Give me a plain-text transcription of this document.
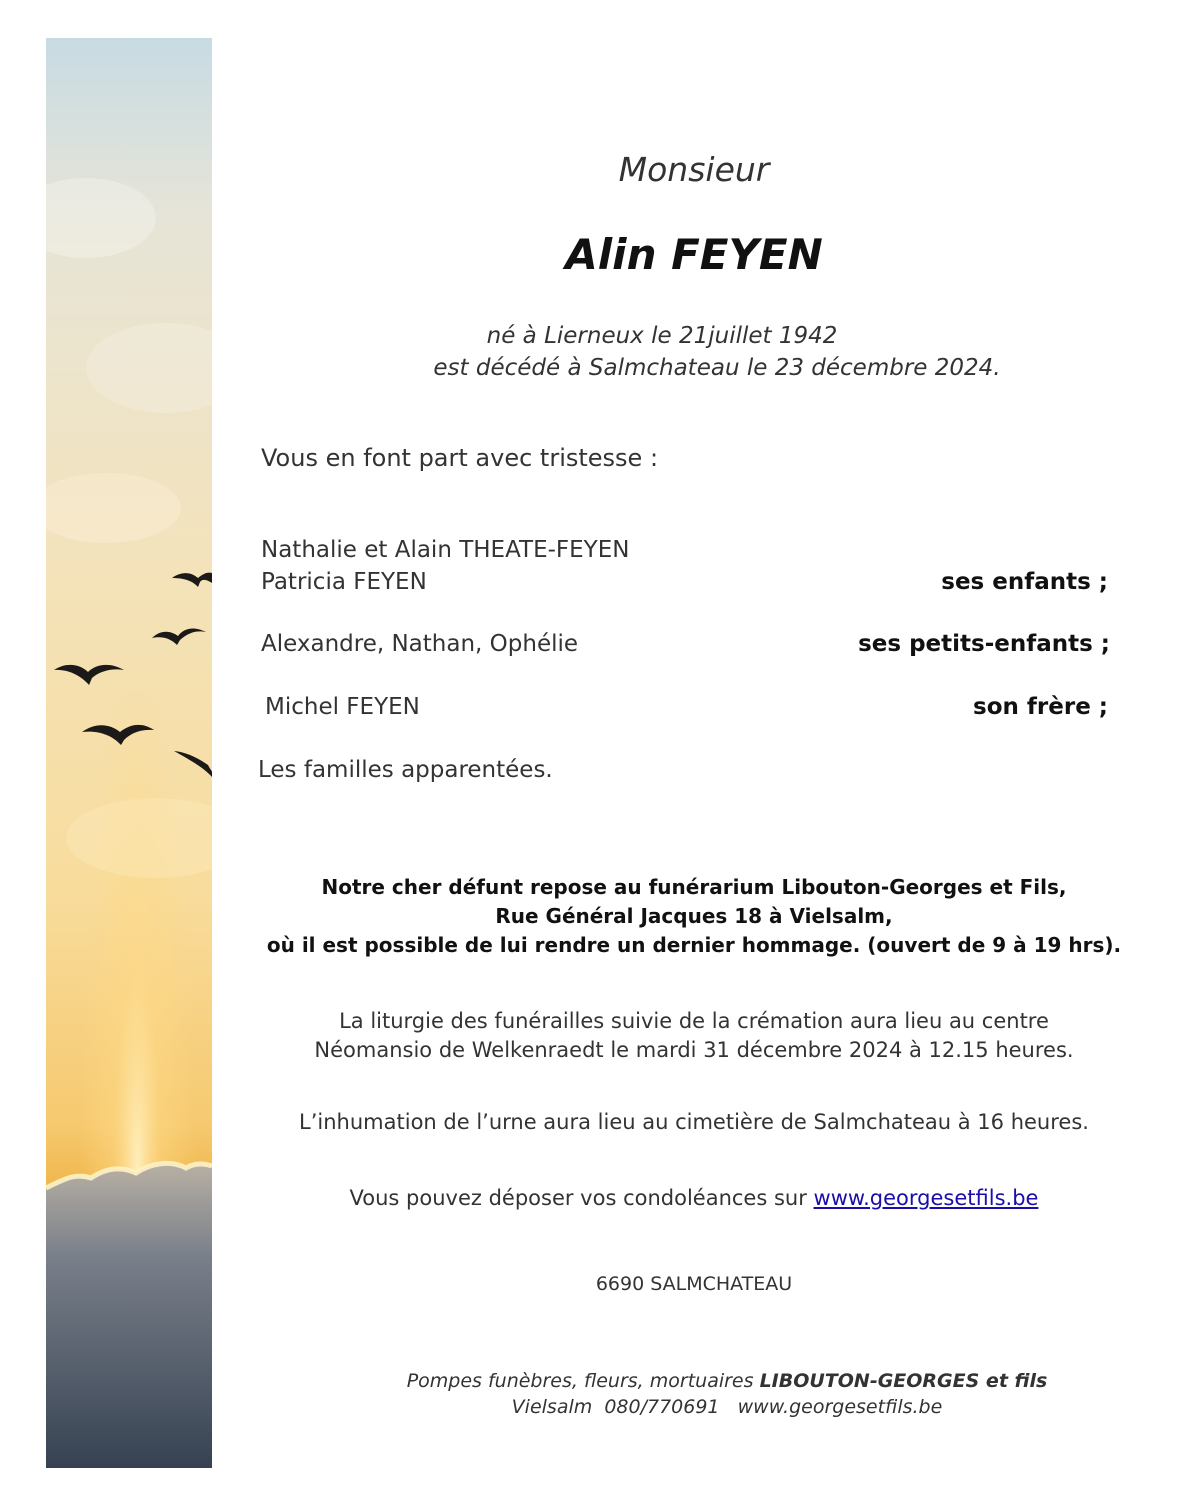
Monsieur
Alin FEYEN
né à Lierneux le 21juillet 1942
est décédé à Salmchateau le 23 décembre 2024.
Vous en font part avec tristesse :
Nathalie et Alain THEATE-FEYEN
Patricia FEYEN	ses enfants ;
Alexandre, Nathan, Ophélie	ses petits-enfants ;
Michel FEYEN	son frère ;
Les familles apparentées.
Notre cher défunt repose au funérarium Libouton-Georges et Fils,
Rue Général Jacques 18 à Vielsalm,
où il est possible de lui rendre un dernier hommage. (ouvert de 9 à 19 hrs).
La liturgie des funérailles suivie de la crémation aura lieu au centre
Néomansio de Welkenraedt le mardi 31 décembre 2024 à 12.15 heures.
L’inhumation de l’urne aura lieu au cimetière de Salmchateau à 16 heures.
Vous pouvez déposer vos condoléances sur www.georgesetfils.be
6690 SALMCHATEAU
Pompes funèbres, fleurs, mortuaires LIBOUTON-GEORGES et fils
Vielsalm  080/770691   www.georgesetfils.be
